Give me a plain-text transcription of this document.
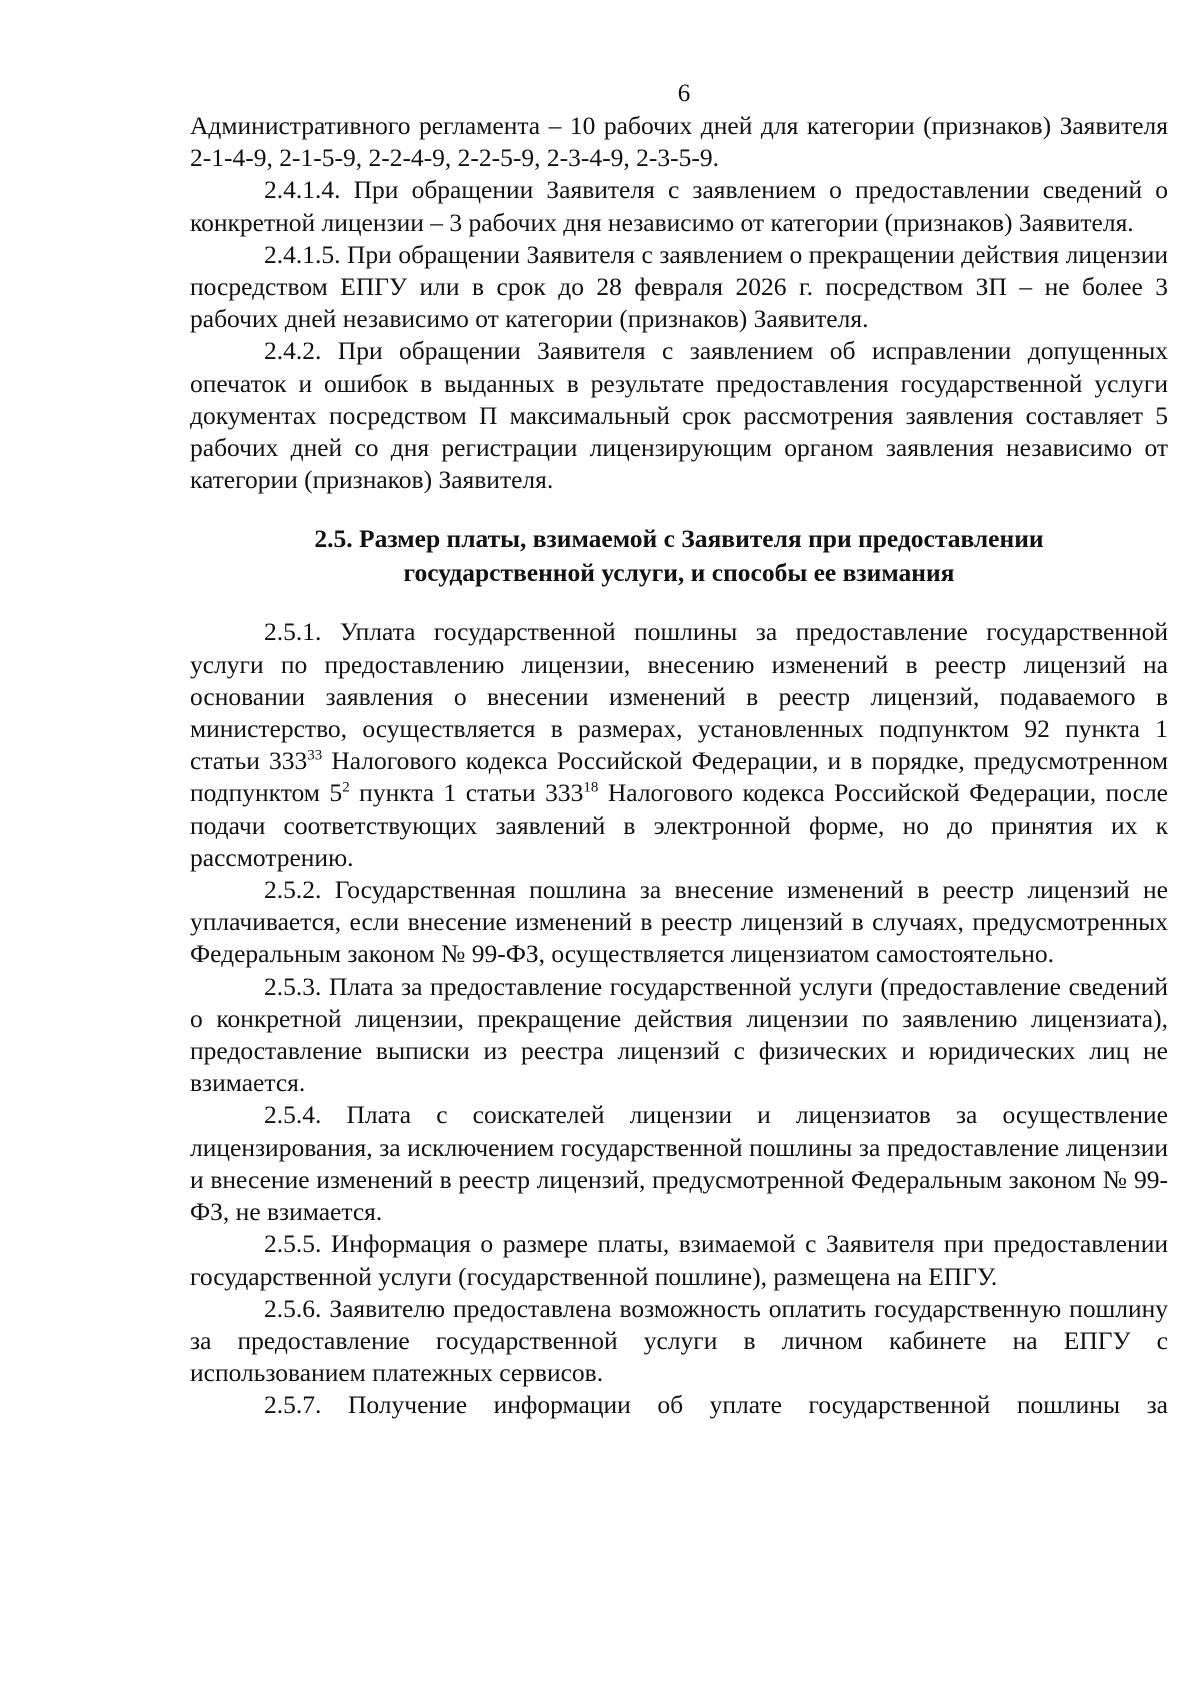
6

Административного регламента – 10 рабочих дней для категории (признаков) Заявителя 2-1-4-9, 2-1-5-9, 2-2-4-9, 2-2-5-9, 2-3-4-9, 2-3-5-9.

2.4.1.4. При обращении Заявителя с заявлением о предоставлении сведений о конкретной лицензии – 3 рабочих дня независимо от категории (признаков) Заявителя.

2.4.1.5. При обращении Заявителя с заявлением о прекращении действия лицензии посредством ЕПГУ или в срок до 28 февраля 2026 г. посредством ЗП – не более 3 рабочих дней независимо от категории (признаков) Заявителя.

2.4.2. При обращении Заявителя с заявлением об исправлении допущенных опечаток и ошибок в выданных в результате предоставления государственной услуги документах посредством П максимальный срок рассмотрения заявления составляет 5 рабочих дней со дня регистрации лицензирующим органом заявления независимо от категории (признаков) Заявителя.

2.5. Размер платы, взимаемой с Заявителя при предоставлении
государственной услуги, и способы ее взимания

2.5.1. Уплата государственной пошлины за предоставление государственной услуги по предоставлению лицензии, внесению изменений в реестр лицензий на основании заявления о внесении изменений в реестр лицензий, подаваемого в министерство, осуществляется в размерах, установленных подпунктом 92 пункта 1 статьи $333^{33}$ Налогового кодекса Российской Федерации, и в порядке, предусмотренном подпунктом $5^2$ пункта 1 статьи $333^{18}$ Налогового кодекса Российской Федерации, после подачи соответствующих заявлений в электронной форме, но до принятия их к рассмотрению.

2.5.2. Государственная пошлина за внесение изменений в реестр лицензий не уплачивается, если внесение изменений в реестр лицензий в случаях, предусмотренных Федеральным законом № 99-ФЗ, осуществляется лицензиатом самостоятельно.

2.5.3. Плата за предоставление государственной услуги (предоставление сведений о конкретной лицензии, прекращение действия лицензии по заявлению лицензиата), предоставление выписки из реестра лицензий с физических и юридических лиц не взимается.

2.5.4. Плата с соискателей лицензии и лицензиатов за осуществление лицензирования, за исключением государственной пошлины за предоставление лицензии и внесение изменений в реестр лицензий, предусмотренной Федеральным законом № 99-ФЗ, не взимается.

2.5.5. Информация о размере платы, взимаемой с Заявителя при предоставлении государственной услуги (государственной пошлине), размещена на ЕПГУ.

2.5.6. Заявителю предоставлена возможность оплатить государственную пошлину за предоставление государственной услуги в личном кабинете на ЕПГУ с использованием платежных сервисов.

2.5.7. Получение информации об уплате государственной пошлины за
